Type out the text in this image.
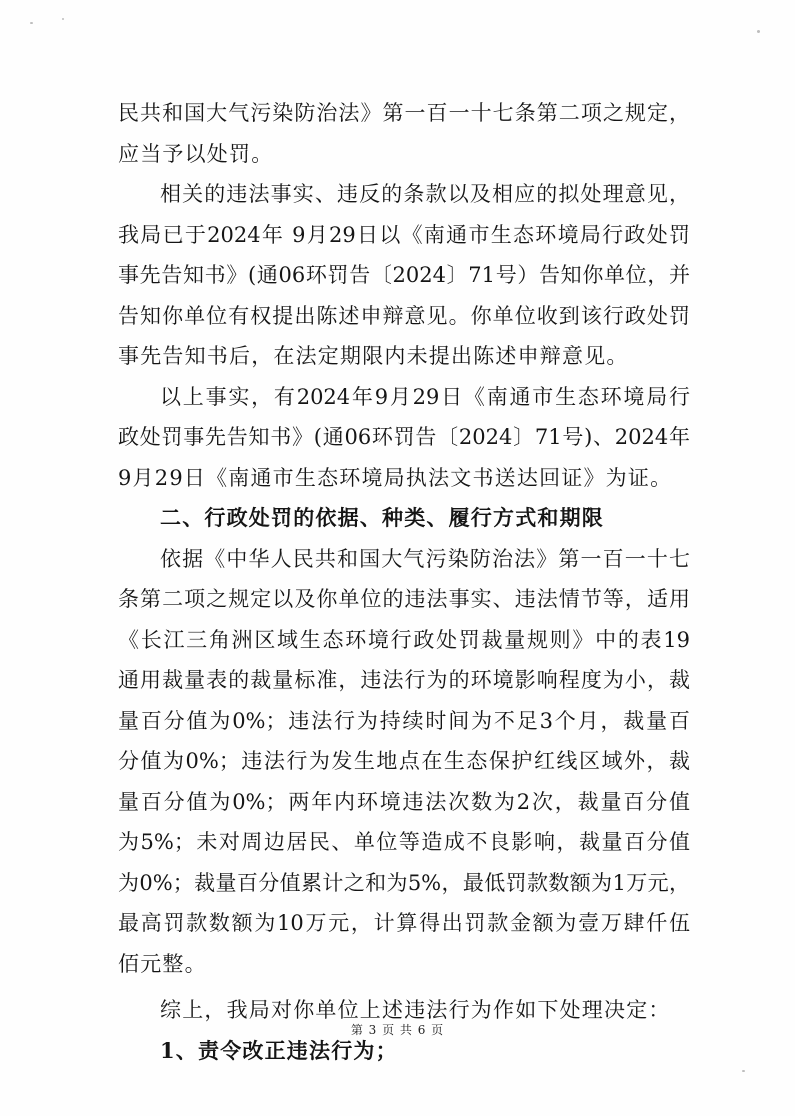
民共和国大气污染防治法》第一百一十七条第二项之规定，
应当予以处罚。
相关的违法事实、违反的条款以及相应的拟处理意见，
我局已于2024年 9月29日以《南通市生态环境局行政处罚
事先告知书》(通06环罚告〔2024〕71号）告知你单位，并
告知你单位有权提出陈述申辩意见。你单位收到该行政处罚
事先告知书后，在法定期限内未提出陈述申辩意见。
以上事实，有2024年9月29日《南通市生态环境局行
政处罚事先告知书》(通06环罚告〔2024〕71号)、2024年
9月29日《南通市生态环境局执法文书送达回证》为证。
二、行政处罚的依据、种类、履行方式和期限
依据《中华人民共和国大气污染防治法》第一百一十七
条第二项之规定以及你单位的违法事实、违法情节等，适用
《长江三角洲区域生态环境行政处罚裁量规则》中的表19
通用裁量表的裁量标准，违法行为的环境影响程度为小，裁
量百分值为0%；违法行为持续时间为不足3个月，裁量百
分值为0%；违法行为发生地点在生态保护红线区域外，裁
量百分值为0%；两年内环境违法次数为2次，裁量百分值
为5%；未对周边居民、单位等造成不良影响，裁量百分值
为0%；裁量百分值累计之和为5%，最低罚款数额为1万元，
最高罚款数额为10万元，计算得出罚款金额为壹万肆仟伍
佰元整。
综上，我局对你单位上述违法行为作如下处理决定：
1、责令改正违法行为；
第 3 页 共 6 页
